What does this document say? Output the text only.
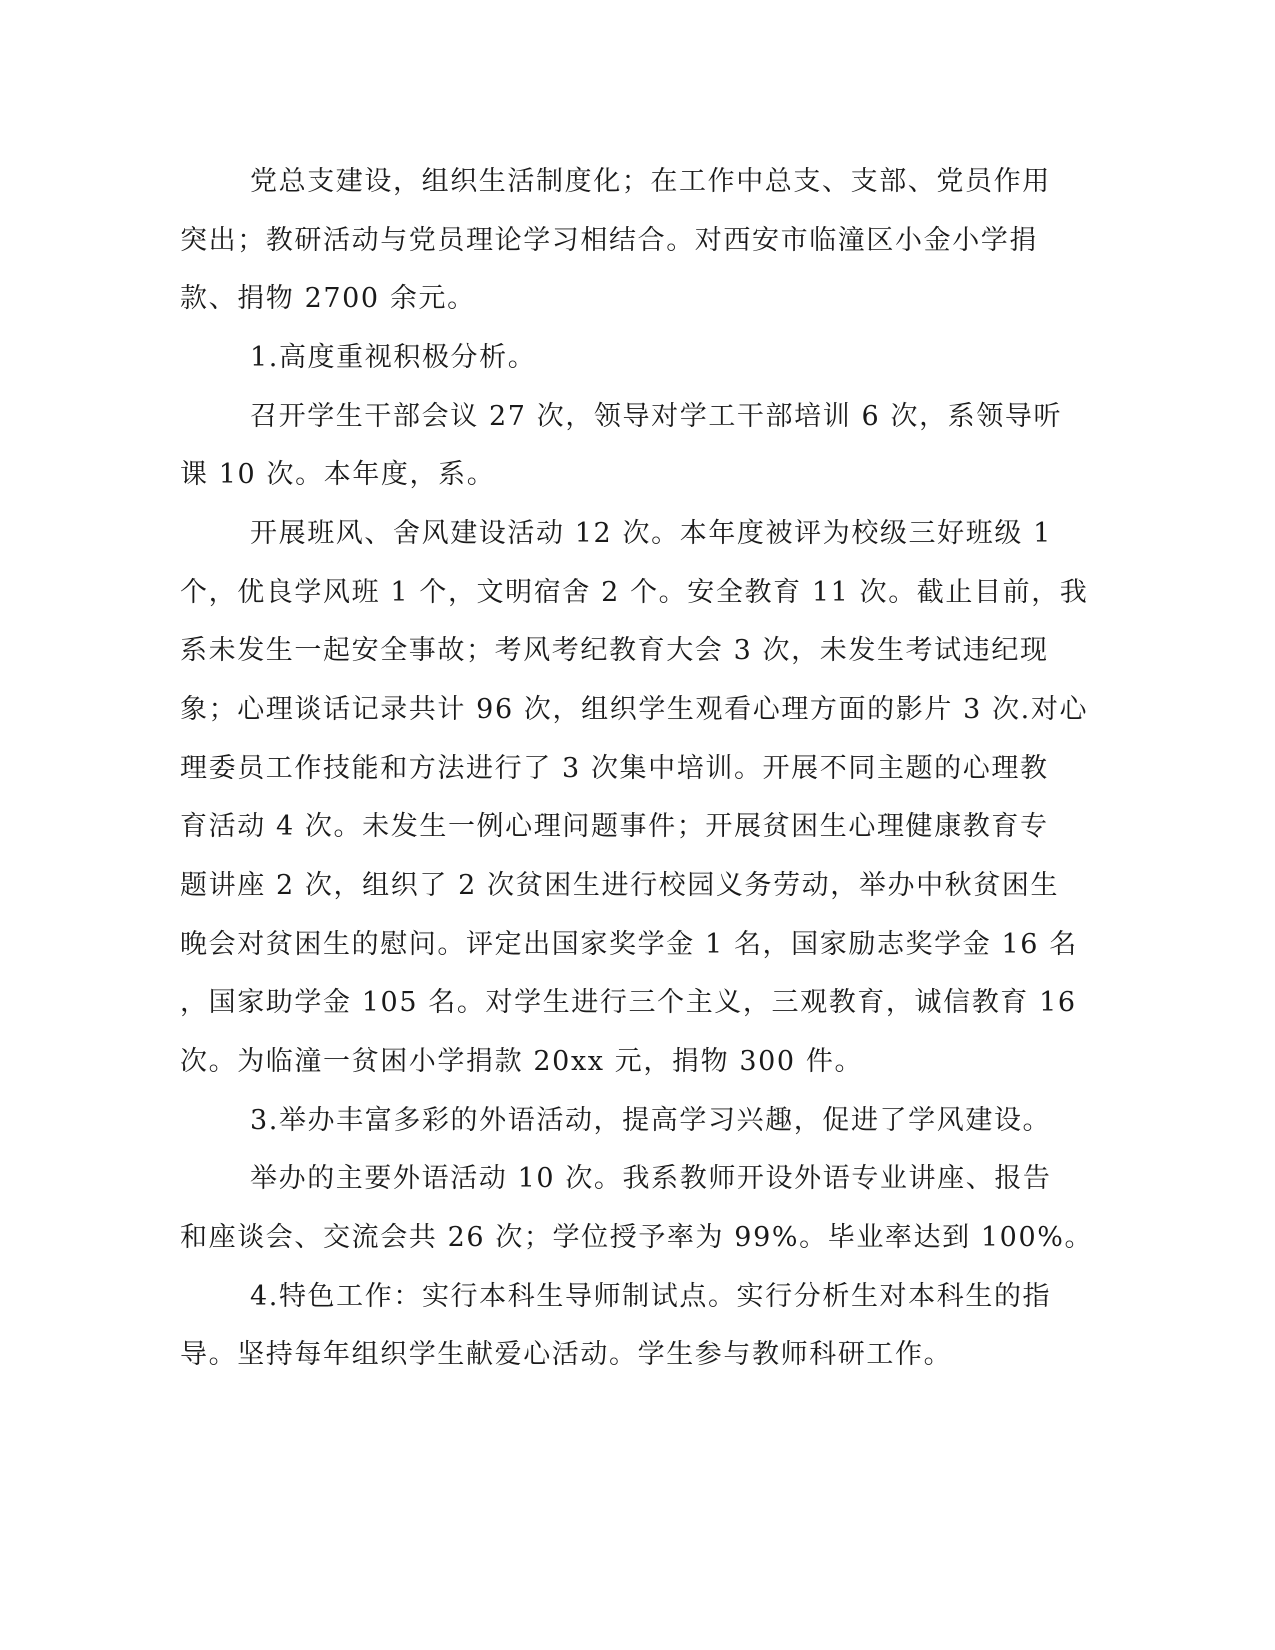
党总支建设，组织生活制度化；在工作中总支、支部、党员作用
突出；教研活动与党员理论学习相结合。对西安市临潼区小金小学捐
款、捐物 2700 余元。
1.高度重视积极分析。
召开学生干部会议 27 次，领导对学工干部培训 6 次，系领导听
课 10 次。本年度，系。
开展班风、舍风建设活动 12 次。本年度被评为校级三好班级 1
个，优良学风班 1 个，文明宿舍 2 个。安全教育 11 次。截止目前，我
系未发生一起安全事故；考风考纪教育大会 3 次，未发生考试违纪现
象；心理谈话记录共计 96 次，组织学生观看心理方面的影片 3 次.对心
理委员工作技能和方法进行了 3 次集中培训。开展不同主题的心理教
育活动 4 次。未发生一例心理问题事件；开展贫困生心理健康教育专
题讲座 2 次，组织了 2 次贫困生进行校园义务劳动，举办中秋贫困生
晚会对贫困生的慰问。评定出国家奖学金 1 名，国家励志奖学金 16 名
，国家助学金 105 名。对学生进行三个主义，三观教育，诚信教育 16
次。为临潼一贫困小学捐款 20xx 元，捐物 300 件。
3.举办丰富多彩的外语活动，提高学习兴趣，促进了学风建设。
举办的主要外语活动 10 次。我系教师开设外语专业讲座、报告
和座谈会、交流会共 26 次；学位授予率为 99%。毕业率达到 100%。
4.特色工作：实行本科生导师制试点。实行分析生对本科生的指
导。坚持每年组织学生献爱心活动。学生参与教师科研工作。
